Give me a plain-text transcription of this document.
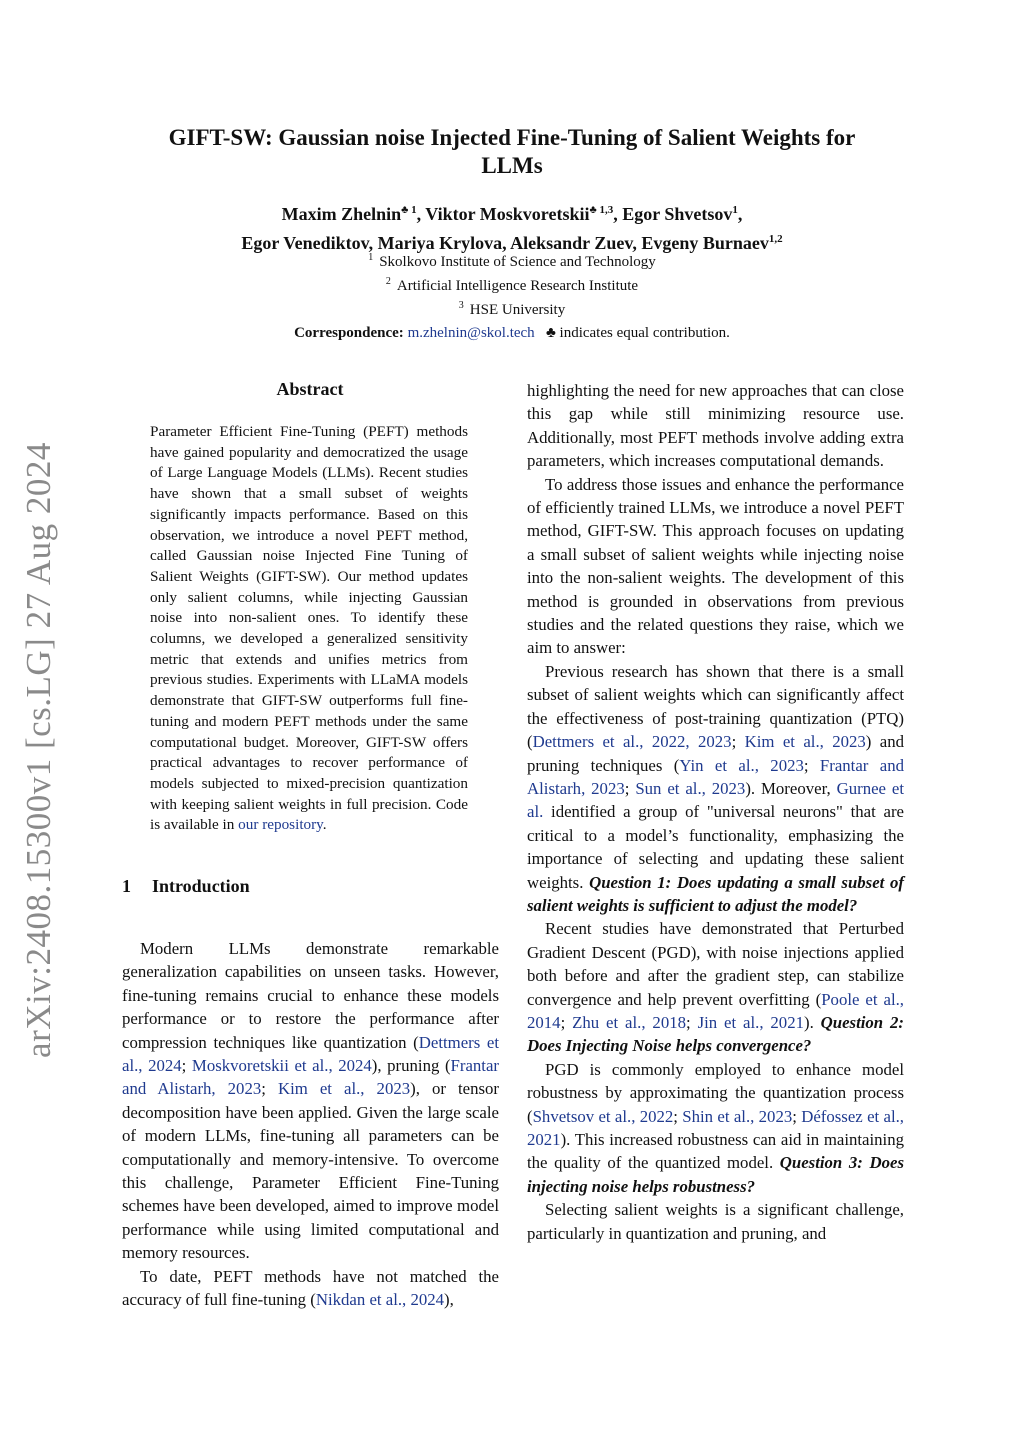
arXiv:2408.15300v1 [cs.LG] 27 Aug 2024
GIFT-SW: Gaussian noise Injected Fine-Tuning of Salient Weights for
LLMs
Maxim Zhelnin$^{♣ 1}$, Viktor Moskvoretskii$^{♣ 1,3}$, Egor Shvetsov$^1$,
Egor Venediktov, Mariya Krylova, Aleksandr Zuev, Evgeny Burnaev$^{1,2}$
$^1$ Skolkovo Institute of Science and Technology
$^2$ Artificial Intelligence Research Institute
$^3$ HSE University
Correspondence: m.zhelnin@skol.tech ♣ indicates equal contribution.
Abstract

Parameter Efficient Fine-Tuning (PEFT) methods have gained popularity and democratized the usage of Large Language Models (LLMs). Recent studies have shown that a small subset of weights significantly impacts performance. Based on this observation, we introduce a novel PEFT method, called Gaussian noise Injected Fine Tuning of Salient Weights (GIFT-SW). Our method updates only salient columns, while injecting Gaussian noise into non-salient ones. To identify these columns, we developed a generalized sensitivity metric that extends and unifies metrics from previous studies. Experiments with LLaMA models demonstrate that GIFT-SW outperforms full fine-tuning and modern PEFT methods under the same computational budget. Moreover, GIFT-SW offers practical advantages to recover performance of models subjected to mixed-precision quantization with keeping salient weights in full precision. Code is available in our repository.

1 Introduction

Modern LLMs demonstrate remarkable generalization capabilities on unseen tasks. However, fine-tuning remains crucial to enhance these models performance or to restore the performance after compression techniques like quantization (Dettmers et al., 2024; Moskvoretskii et al., 2024), pruning (Frantar and Alistarh, 2023; Kim et al., 2023), or tensor decomposition have been applied. Given the large scale of modern LLMs, fine-tuning all parameters can be computationally and memory-intensive. To overcome this challenge, Parameter Efficient Fine-Tuning schemes have been developed, aimed to improve model performance while using limited computational and memory resources.

To date, PEFT methods have not matched the accuracy of full fine-tuning (Nikdan et al., 2024),

highlighting the need for new approaches that can close this gap while still minimizing resource use. Additionally, most PEFT methods involve adding extra parameters, which increases computational demands.

To address those issues and enhance the performance of efficiently trained LLMs, we introduce a novel PEFT method, GIFT-SW. This approach focuses on updating a small subset of salient weights while injecting noise into the non-salient weights. The development of this method is grounded in observations from previous studies and the related questions they raise, which we aim to answer:

Previous research has shown that there is a small subset of salient weights which can significantly affect the effectiveness of post-training quantization (PTQ) (Dettmers et al., 2022, 2023; Kim et al., 2023) and pruning techniques (Yin et al., 2023; Frantar and Alistarh, 2023; Sun et al., 2023). Moreover, Gurnee et al. identified a group of "universal neurons" that are critical to a model’s functionality, emphasizing the importance of selecting and updating these salient weights. Question 1: Does updating a small subset of salient weights is sufficient to adjust the model?

Recent studies have demonstrated that Perturbed Gradient Descent (PGD), with noise injections applied both before and after the gradient step, can stabilize convergence and help prevent overfitting (Poole et al., 2014; Zhu et al., 2018; Jin et al., 2021). Question 2: Does Injecting Noise helps convergence?

PGD is commonly employed to enhance model robustness by approximating the quantization process (Shvetsov et al., 2022; Shin et al., 2023; Défossez et al., 2021). This increased robustness can aid in maintaining the quality of the quantized model. Question 3: Does injecting noise helps robustness?

Selecting salient weights is a significant challenge, particularly in quantization and pruning, and
